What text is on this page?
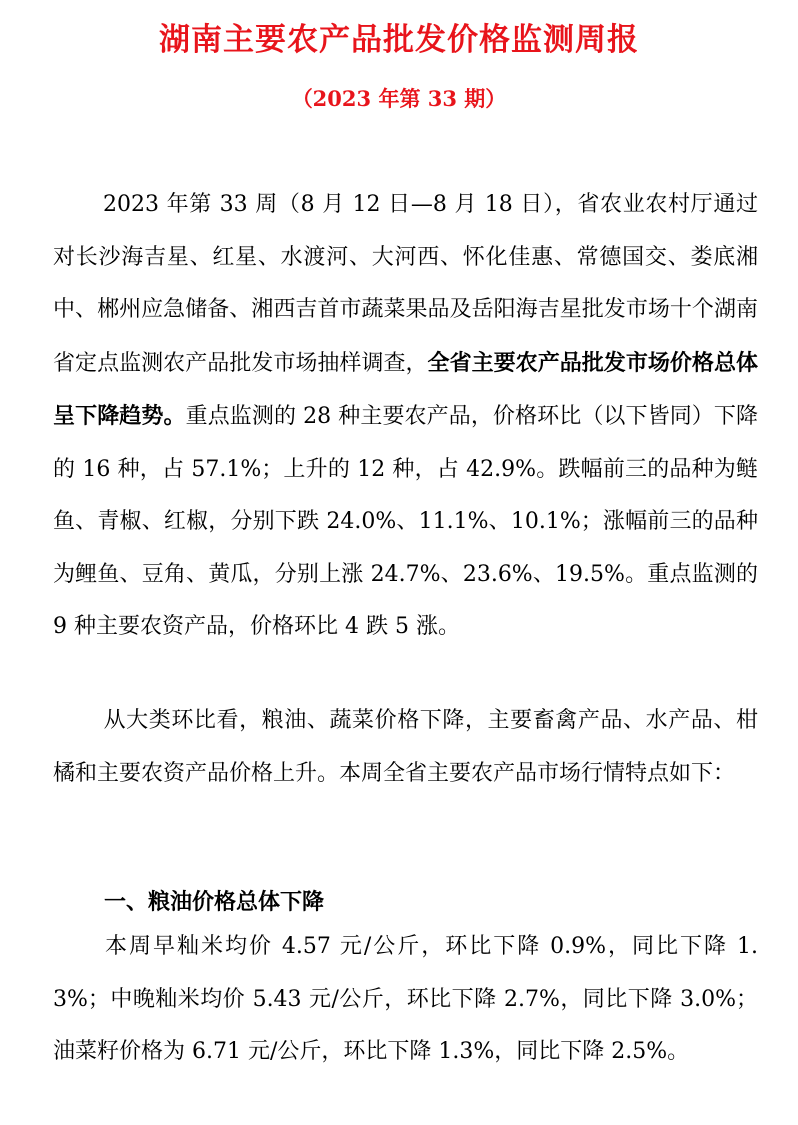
湖南主要农产品批发价格监测周报
（2023 年第 33 期）
2023 年第 33 周（8 月 12 日—8 月 18 日），省农业农村厅通过对长沙海吉星、红星、水渡河、大河西、怀化佳惠、常德国交、娄底湘中、郴州应急储备、湘西吉首市蔬菜果品及岳阳海吉星批发市场十个湖南省定点监测农产品批发市场抽样调查，全省主要农产品批发市场价格总体呈下降趋势。重点监测的 28 种主要农产品，价格环比（以下皆同）下降的 16 种，占 57.1%；上升的 12 种，占 42.9%。跌幅前三的品种为鲢鱼、青椒、红椒，分别下跌 24.0%、11.1%、10.1%；涨幅前三的品种为鲤鱼、豆角、黄瓜，分别上涨 24.7%、23.6%、19.5%。重点监测的 9 种主要农资产品，价格环比 4 跌 5 涨。
从大类环比看，粮油、蔬菜价格下降，主要畜禽产品、水产品、柑橘和主要农资产品价格上升。本周全省主要农产品市场行情特点如下：
一、粮油价格总体下降
本周早籼米均价 4.57 元/公斤，环比下降 0.9%，同比下降 1.3%；中晚籼米均价 5.43 元/公斤，环比下降 2.7%，同比下降 3.0%；油菜籽价格为 6.71 元/公斤，环比下降 1.3%，同比下降 2.5%。
